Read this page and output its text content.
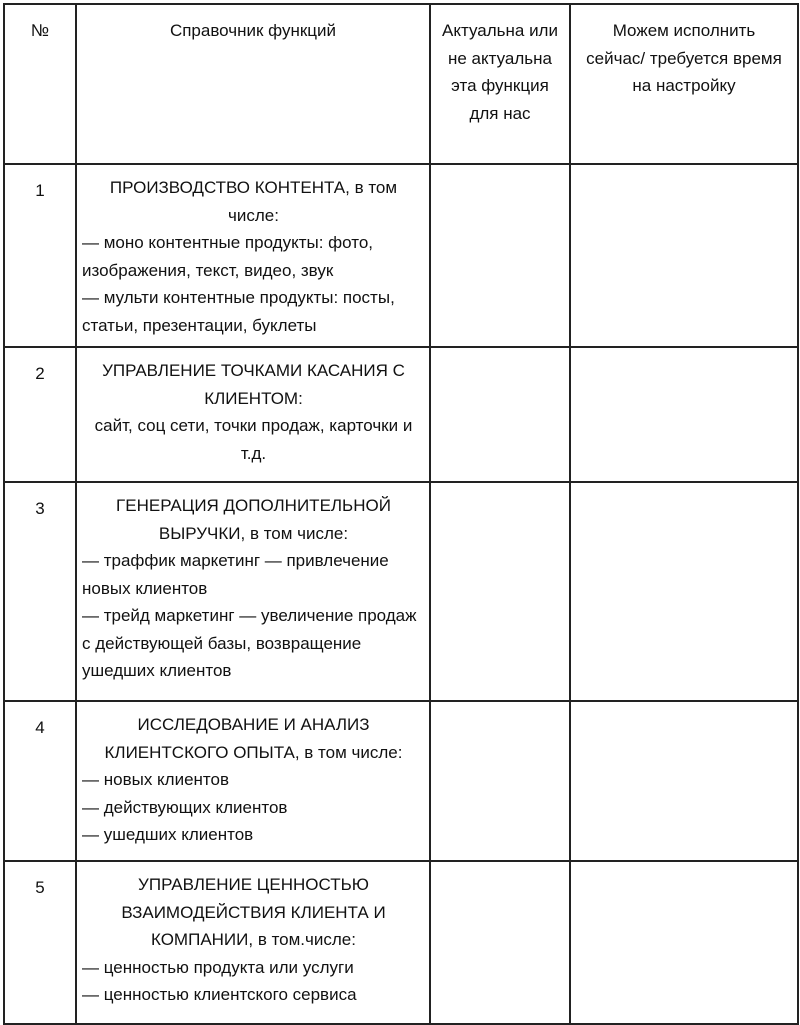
№	Справочник функций	Актуальна или не актуальна эта функция для нас	Можем исполнить сейчас/ требуется время на настройку

1	ПРОИЗВОДСТВО КОНТЕНТА, в том числе:

— моно контентные продукты: фото, изображения, текст, видео, звук

— мульти контентные продукты: посты, статьи, презентации, буклеты		

2	УПРАВЛЕНИЕ ТОЧКАМИ КАСАНИЯ С КЛИЕНТОМ:

сайт, соц сети, точки продаж, карточки и т.д.		

3	ГЕНЕРАЦИЯ ДОПОЛНИТЕЛЬНОЙ ВЫРУЧКИ, в том числе:

— траффик маркетинг — привлечение новых клиентов

— трейд маркетинг — увеличение продаж с действующей базы, возвращение ушедших клиентов		

4	ИССЛЕДОВАНИЕ И АНАЛИЗ КЛИЕНТСКОГО ОПЫТА, в том числе:

— новых клиентов

— действующих клиентов

— ушедших клиентов		

5	УПРАВЛЕНИЕ ЦЕННОСТЬЮ ВЗАИМОДЕЙСТВИЯ КЛИЕНТА И КОМПАНИИ, в том.числе:

— ценностью продукта или услуги

— ценностью клиентского сервиса		
